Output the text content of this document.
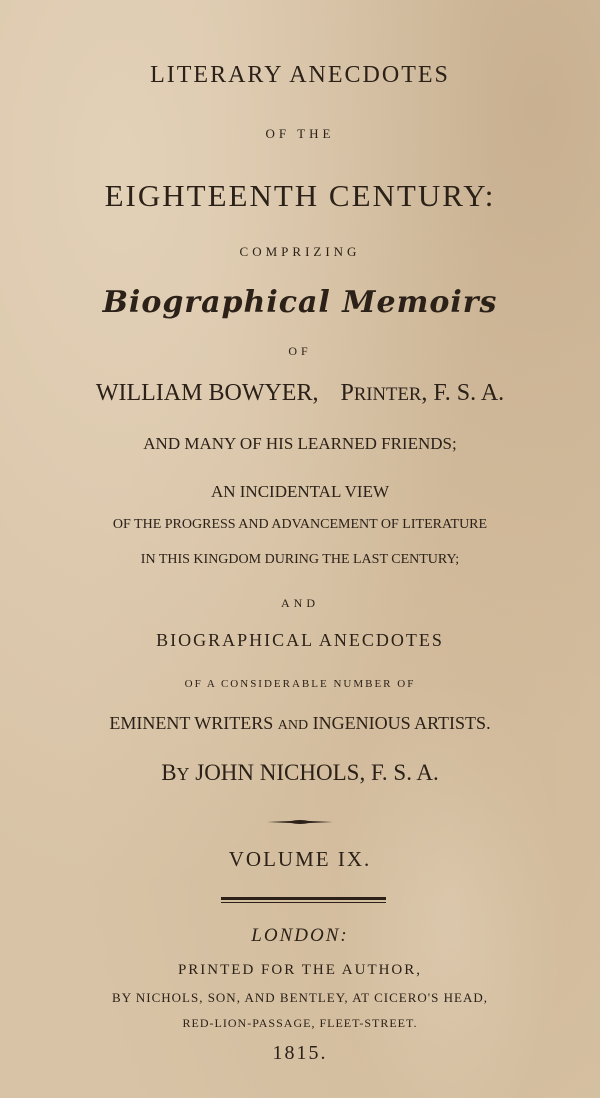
LITERARY ANECDOTES
OF THE
EIGHTEENTH CENTURY:
COMPRIZING
Biographical Memoirs
OF
WILLIAM BOWYER, PRINTER, F. S. A.
AND MANY OF HIS LEARNED FRIENDS;
AN INCIDENTAL VIEW
OF THE PROGRESS AND ADVANCEMENT OF LITERATURE
IN THIS KINGDOM DURING THE LAST CENTURY;
AND
BIOGRAPHICAL ANECDOTES
OF A CONSIDERABLE NUMBER OF
EMINENT WRITERS AND INGENIOUS ARTISTS.
BY JOHN NICHOLS, F. S. A.
VOLUME IX.
LONDON:
PRINTED FOR THE AUTHOR,
BY NICHOLS, SON, AND BENTLEY, AT CICERO'S HEAD,
RED-LION-PASSAGE, FLEET-STREET.
1815.
